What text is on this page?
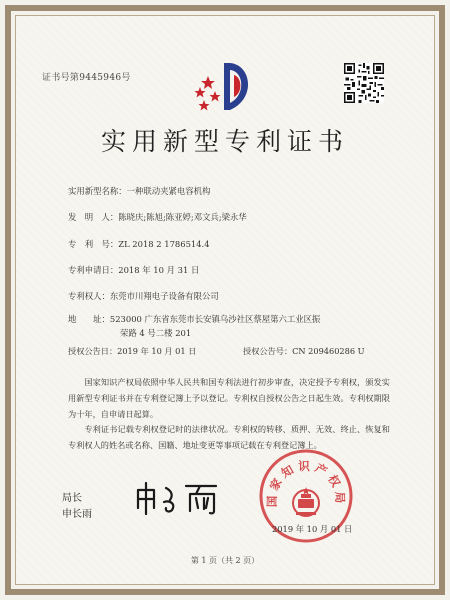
证书号第9445946号
实用新型专利证书
实用新型名称：一种联动夹紧电容机构
发　明　人：陈晓庆;陈旭;陈亚婷;邓文兵;梁永华
专　利　号：ZL 2018 2 1786514.4
专利申请日：2018 年 10 月 31 日
专利权人：东莞市川翔电子设备有限公司
地　　址：523000 广东省东莞市长安镇乌沙社区蔡屋第六工业区振
荣路 4 号二楼 201
授权公告日：2019 年 10 月 01 日	授权公告号：CN 209460286 U
国家知识产权局依照中华人民共和国专利法进行初步审查，决定授予专利权，颁发实用新型专利证书并在专利登记簿上予以登记。专利权自授权公告之日起生效。专利权期限为十年，自申请日起算。
专利证书记载专利权登记时的法律状况。专利权的转移、质押、无效、终止、恢复和专利权人的姓名或名称、国籍、地址变更等事项记载在专利登记簿上。
局长
申长雨
国家知识产权局
2019 年 10 月 01 日
第 1 页（共 2 页）
